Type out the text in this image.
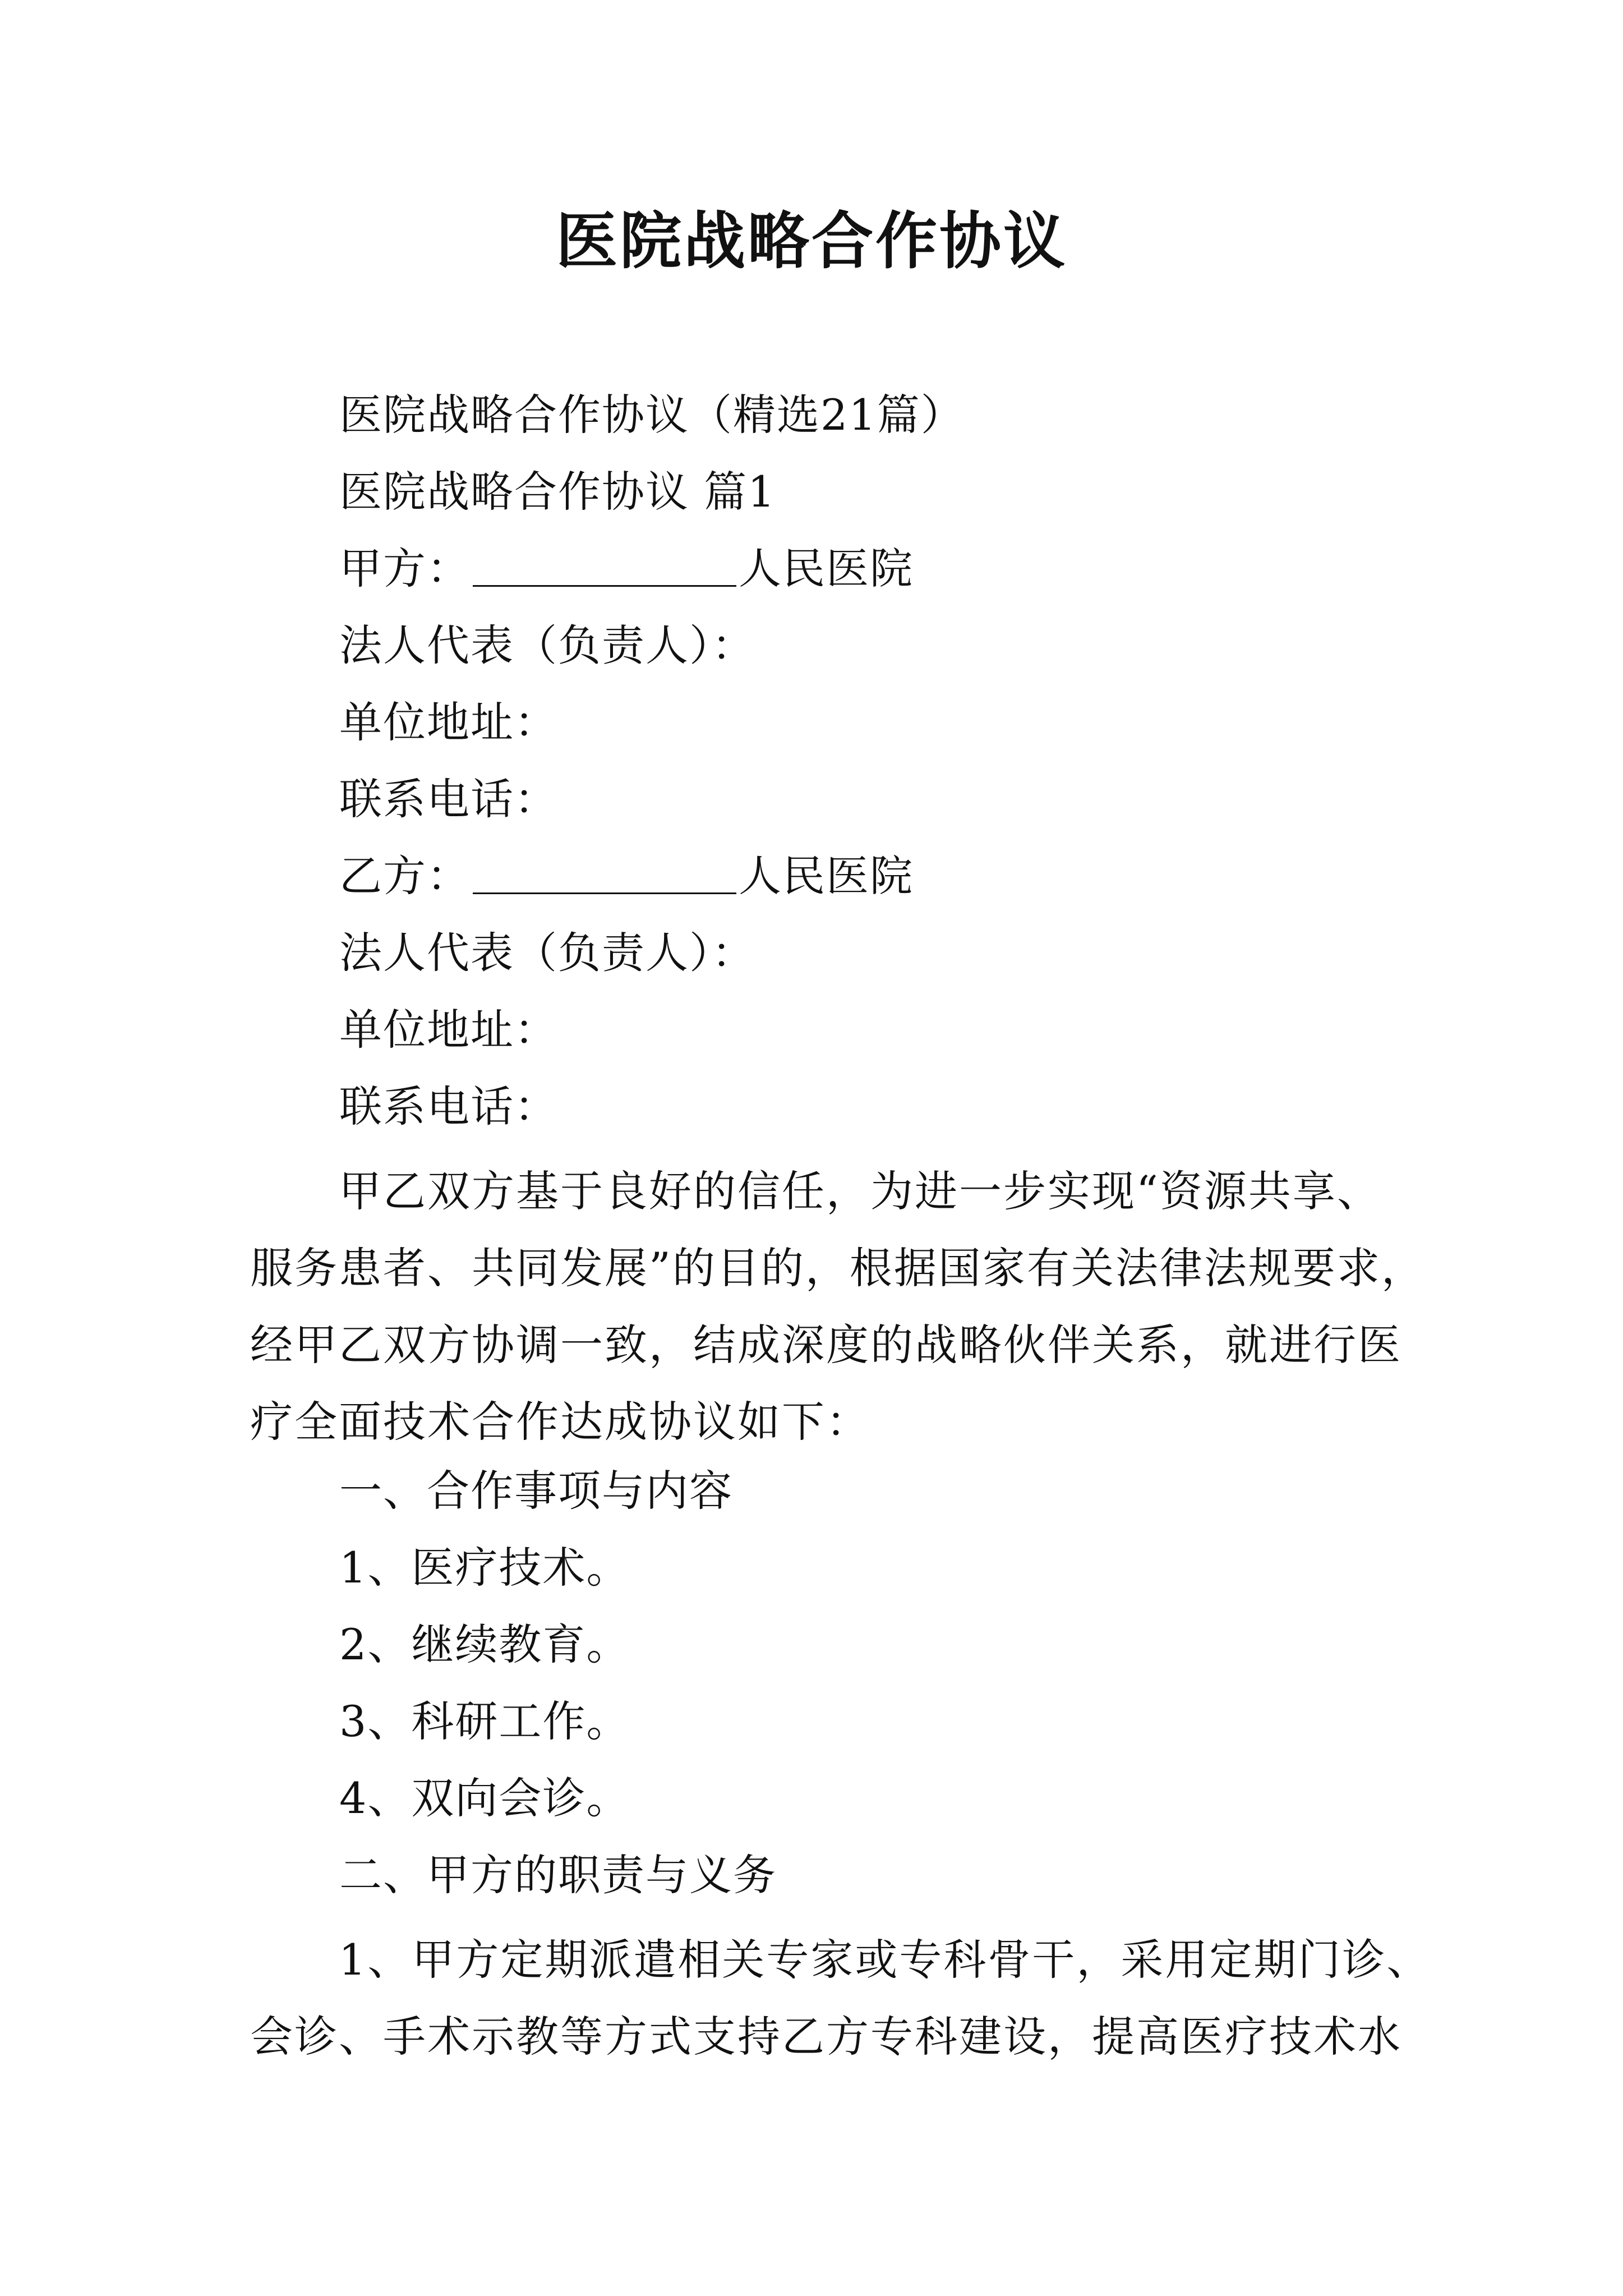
医院战略合作协议
医院战略合作协议（精选21篇）
医院战略合作协议 篇1
甲方：	人民医院
法人代表（负责人）：
单位地址：
联系电话：
乙方：	人民医院
法人代表（负责人）：
单位地址：
联系电话：
甲乙双方基于良好的信任，为进一步实现“资源共享、
服务患者、共同发展”的目的，根据国家有关法律法规要求，
经甲乙双方协调一致，结成深度的战略伙伴关系，就进行医
疗全面技术合作达成协议如下：
一、合作事项与内容
1、医疗技术。
2、继续教育。
3、科研工作。
4、双向会诊。
二、甲方的职责与义务
1、甲方定期派遣相关专家或专科骨干，采用定期门诊、
会诊、手术示教等方式支持乙方专科建设，提高医疗技术水
